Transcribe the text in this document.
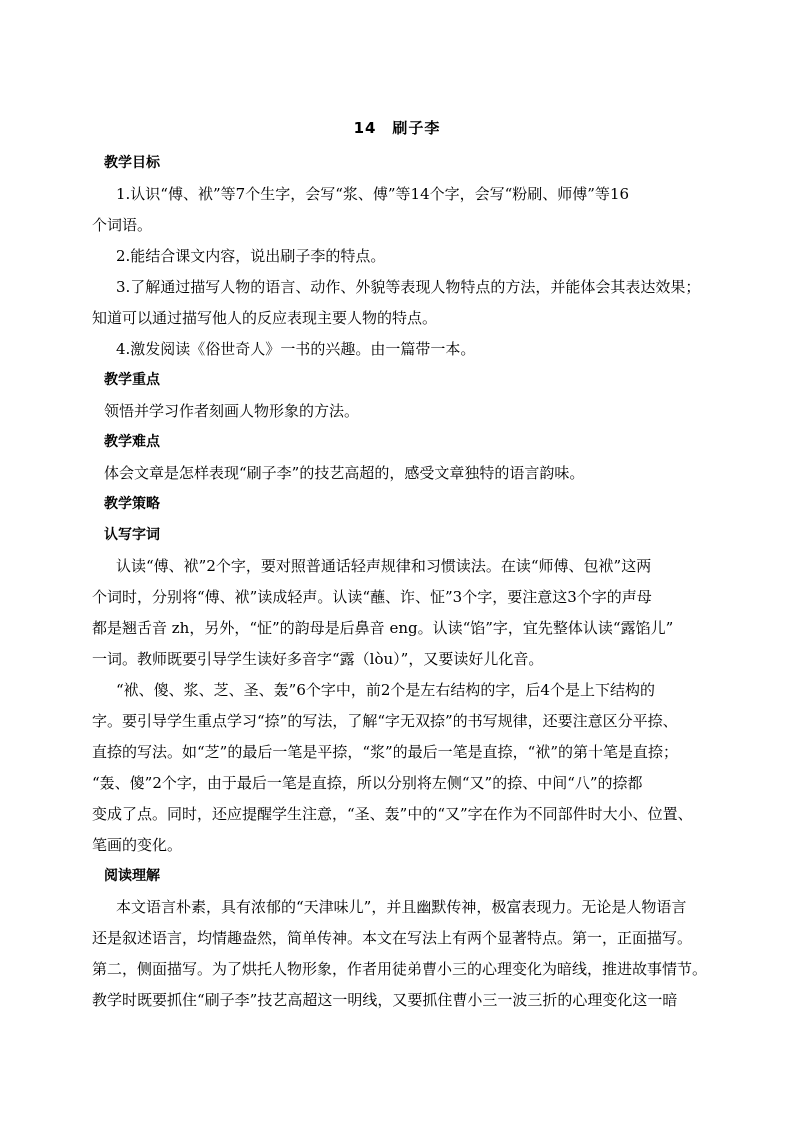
14　刷子李
教学目标
1.认识“傅、袱”等7个生字，会写“浆、傅”等14个字，会写“粉刷、师傅”等16
个词语。
2.能结合课文内容，说出刷子李的特点。
3.了解通过描写人物的语言、动作、外貌等表现人物特点的方法，并能体会其表达效果；
知道可以通过描写他人的反应表现主要人物的特点。
4.激发阅读《俗世奇人》一书的兴趣。由一篇带一本。
教学重点
领悟并学习作者刻画人物形象的方法。
教学难点
体会文章是怎样表现“刷子李”的技艺高超的，感受文章独特的语言韵味。
教学策略
认写字词
认读“傅、袱”2个字，要对照普通话轻声规律和习惯读法。在读“师傅、包袱”这两
个词时，分别将“傅、袱”读成轻声。认读“蘸、诈、怔”3个字，要注意这3个字的声母
都是翘舌音 zh，另外，“怔”的韵母是后鼻音 eng。认读“馅”字，宜先整体认读“露馅儿”
一词。教师既要引导学生读好多音字“露（lòu）”，又要读好儿化音。
“袱、傻、浆、芝、圣、轰”6个字中，前2个是左右结构的字，后4个是上下结构的
字。要引导学生重点学习“捺”的写法，了解“字无双捺”的书写规律，还要注意区分平捺、
直捺的写法。如“芝”的最后一笔是平捺，“浆”的最后一笔是直捺，“袱”的第十笔是直捺；
“轰、傻”2个字，由于最后一笔是直捺，所以分别将左侧“又”的捺、中间“八”的捺都
变成了点。同时，还应提醒学生注意，“圣、轰”中的“又”字在作为不同部件时大小、位置、
笔画的变化。
阅读理解
本文语言朴素，具有浓郁的“天津味儿”，并且幽默传神，极富表现力。无论是人物语言
还是叙述语言，均情趣盎然，简单传神。本文在写法上有两个显著特点。第一，正面描写。
第二，侧面描写。为了烘托人物形象，作者用徒弟曹小三的心理变化为暗线，推进故事情节。
教学时既要抓住“刷子李”技艺高超这一明线，又要抓住曹小三一波三折的心理变化这一暗
